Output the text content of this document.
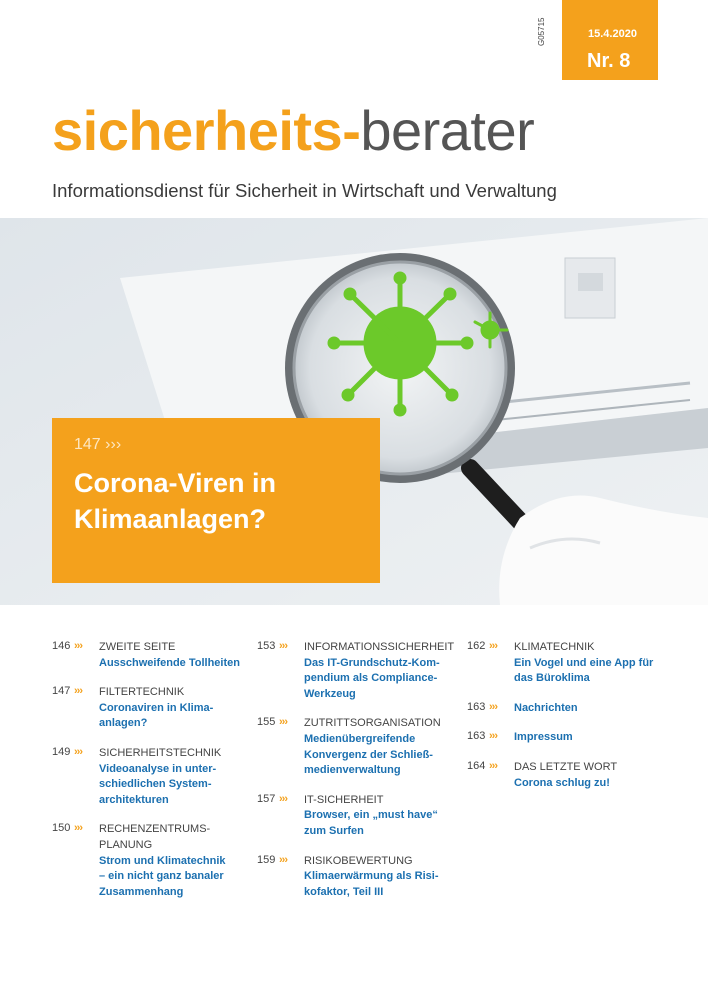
15.4.2020
Nr. 8
G05715
sicherheits-berater
Informationsdienst für Sicherheit in Wirtschaft und Verwaltung
147 ›››
Corona-Viren in Klimaanlagen?
146 ›››	ZWEITE SEITE
Ausschweifende Tollheiten
147 ›››	FILTERTECHNIK
Coronaviren in Klima-
anlagen?
149 ›››	SICHERHEITSTECHNIK
Videoanalyse in unter-
schiedlichen System-
architekturen
150 ›››	RECHENZENTRUMS-
PLANUNG
Strom und Klimatechnik
– ein nicht ganz banaler
Zusammenhang
153 ›››	INFORMATIONSSICHERHEIT
Das IT-Grundschutz-Kom-
pendium als Compliance-
Werkzeug
155 ›››	ZUTRITTSORGANISATION
Medienübergreifende
Konvergenz der Schließ-
medienverwaltung
157 ›››	IT-SICHERHEIT
Browser, ein „must have“
zum Surfen
159 ›››	RISIKOBEWERTUNG
Klimaerwärmung als Risi-
kofaktor, Teil III
162 ›››	KLIMATECHNIK
Ein Vogel und eine App für
das Büroklima
163 ›››	Nachrichten
163 ›››	Impressum
164 ›››	DAS LETZTE WORT
Corona schlug zu!
